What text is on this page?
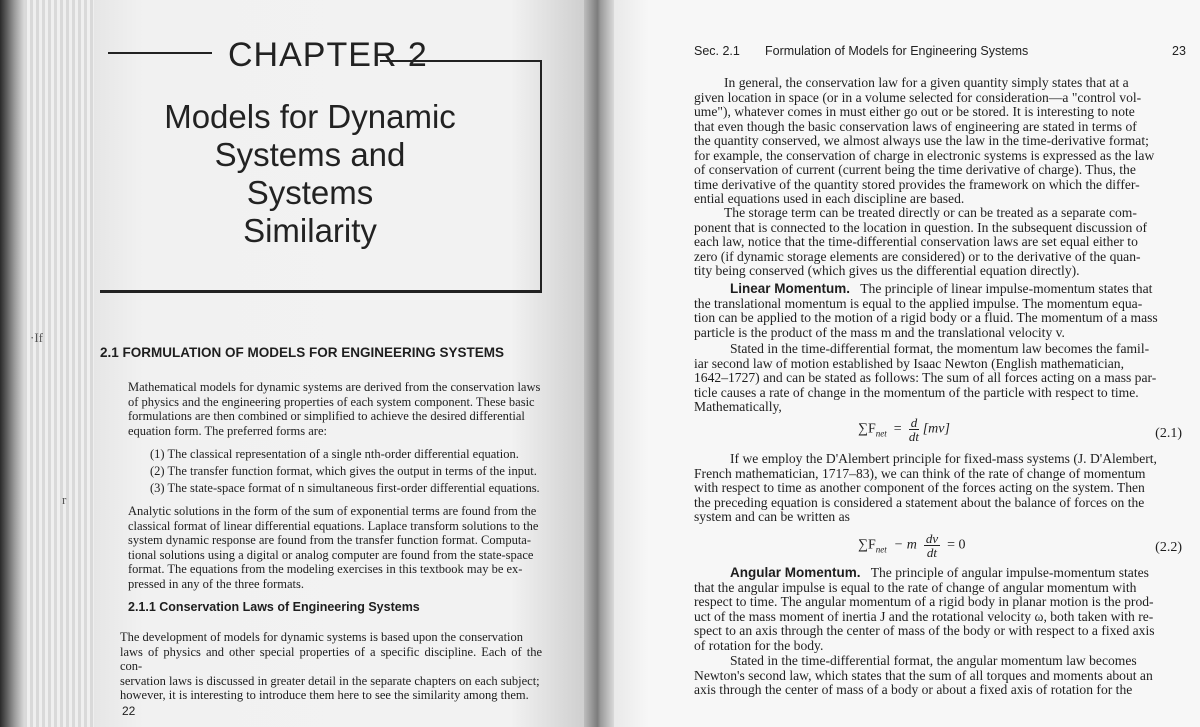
·If
r
CHAPTER 2
Models for Dynamic
Systems and Systems
Similarity
2.1 FORMULATION OF MODELS FOR ENGINEERING SYSTEMS
Mathematical models for dynamic systems are derived from the conservation laws
of physics and the engineering properties of each system component. These basic
formulations are then combined or simplified to achieve the desired differential
equation form. The preferred forms are:
(1) The classical representation of a single nth-order differential equation.
(2) The transfer function format, which gives the output in terms of the input.
(3) The state-space format of n simultaneous first-order differential equations.
Analytic solutions in the form of the sum of exponential terms are found from the
classical format of linear differential equations. Laplace transform solutions to the
system dynamic response are found from the transfer function format. Computa-
tional solutions using a digital or analog computer are found from the state-space
format. The equations from the modeling exercises in this textbook may be ex-
pressed in any of the three formats.
2.1.1 Conservation Laws of Engineering Systems
The development of models for dynamic systems is based upon the conservation
laws of physics and other special properties of a specific discipline. Each of the con-
servation laws is discussed in greater detail in the separate chapters on each subject;
however, it is interesting to introduce them here to see the similarity among them.
22
Sec. 2.1 Formulation of Models for Engineering Systems	23
In general, the conservation law for a given quantity simply states that at a
given location in space (or in a volume selected for consideration—a "control vol-
ume"), whatever comes in must either go out or be stored. It is interesting to note
that even though the basic conservation laws of engineering are stated in terms of
the quantity conserved, we almost always use the law in the time-derivative format;
for example, the conservation of charge in electronic systems is expressed as the law
of conservation of current (current being the time derivative of charge). Thus, the
time derivative of the quantity stored provides the framework on which the differ-
ential equations used in each discipline are based.
The storage term can be treated directly or can be treated as a separate com-
ponent that is connected to the location in question. In the subsequent discussion of
each law, notice that the time-differential conservation laws are set equal either to
zero (if dynamic storage elements are considered) or to the derivative of the quan-
tity being conserved (which gives us the differential equation directly).
Linear Momentum. The principle of linear impulse-momentum states that
the translational momentum is equal to the applied impulse. The momentum equa-
tion can be applied to the motion of a rigid body or a fluid. The momentum of a mass
particle is the product of the mass m and the translational velocity v.
Stated in the time-differential format, the momentum law becomes the famil-
iar second law of motion established by Isaac Newton (English mathematician,
1642–1727) and can be stated as follows: The sum of all forces acting on a mass par-
ticle causes a rate of change in the momentum of the particle with respect to time.
Mathematically,
$\sum F_{net} = \frac{d}{dt} [mv]$	(2.1)
If we employ the D'Alembert principle for fixed-mass systems (J. D'Alembert,
French mathematician, 1717–83), we can think of the rate of change of momentum
with respect to time as another component of the forces acting on the system. Then
the preceding equation is considered a statement about the balance of forces on the
system and can be written as
$\sum F_{net} - m \frac{dv}{dt} = 0$	(2.2)
Angular Momentum. The principle of angular impulse-momentum states
that the angular impulse is equal to the rate of change of angular momentum with
respect to time. The angular momentum of a rigid body in planar motion is the prod-
uct of the mass moment of inertia J and the rotational velocity ω, both taken with re-
spect to an axis through the center of mass of the body or with respect to a fixed axis
of rotation for the body.
Stated in the time-differential format, the angular momentum law becomes
Newton's second law, which states that the sum of all torques and moments about an
axis through the center of mass of a body or about a fixed axis of rotation for the
